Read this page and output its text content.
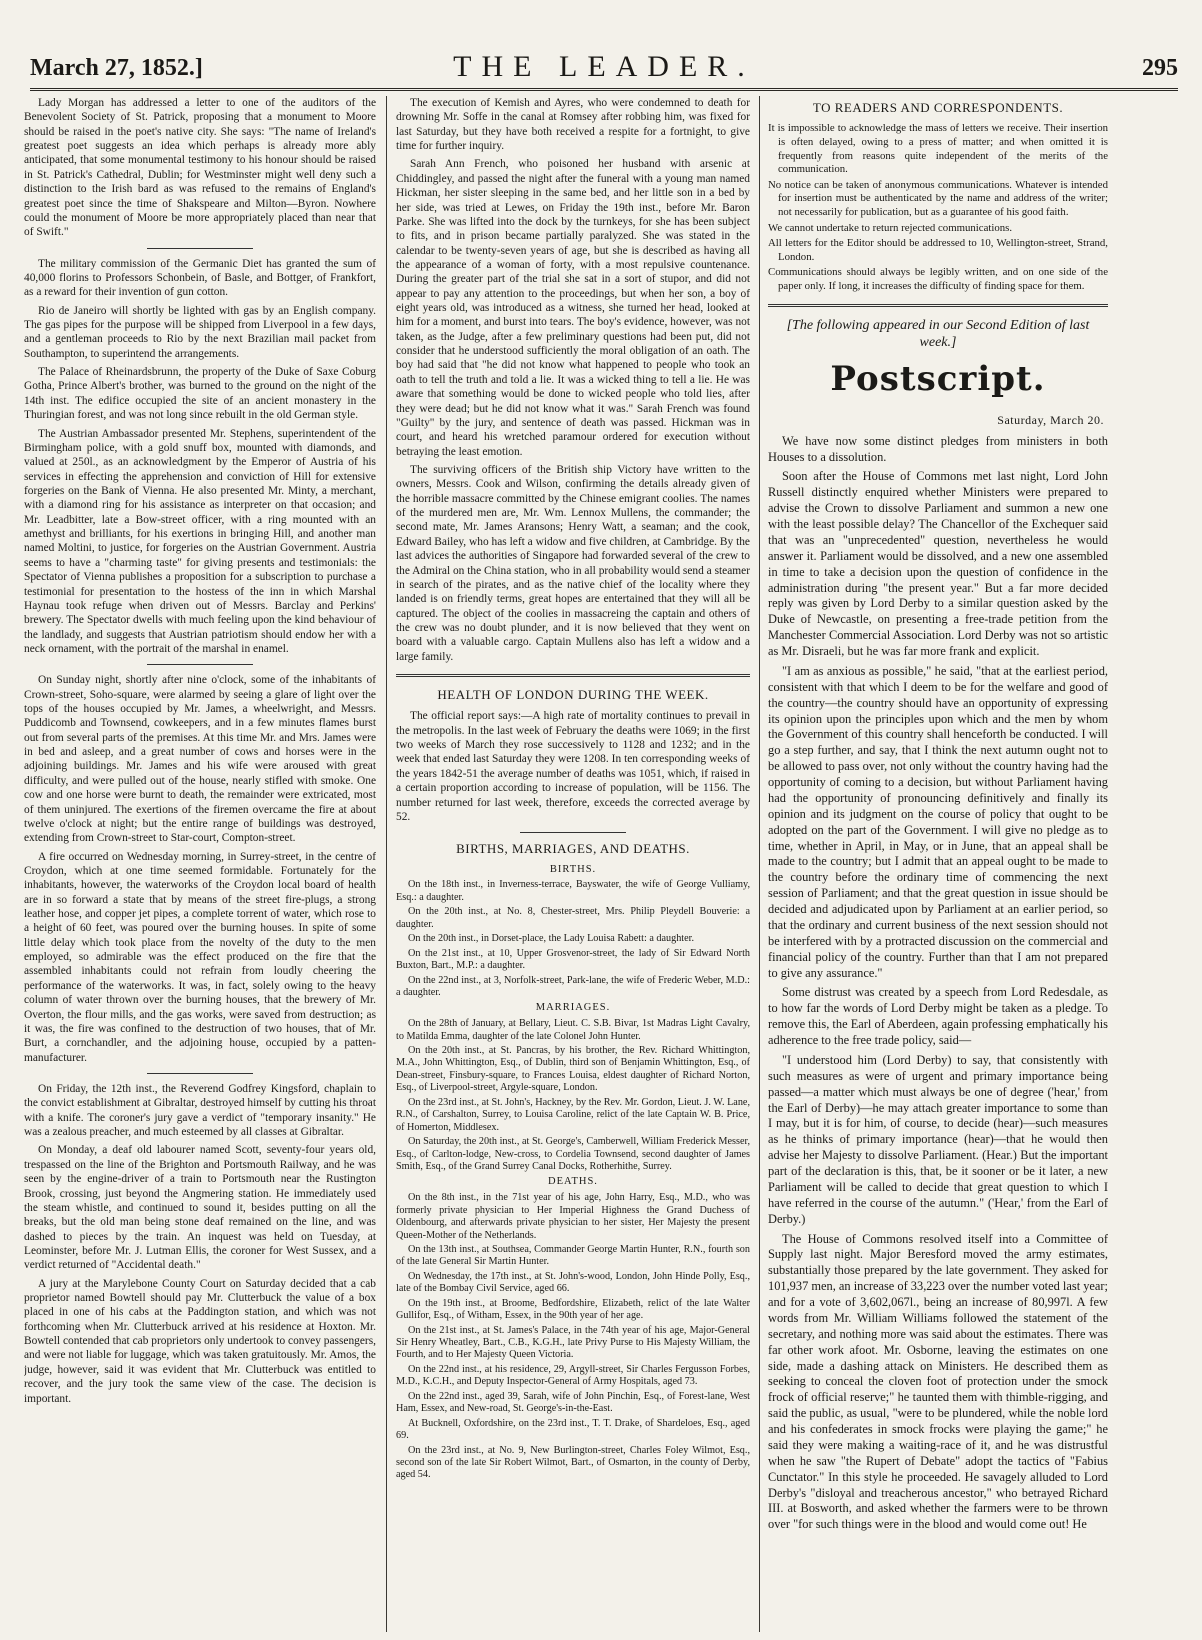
March 27, 1852.]	THE LEADER.	295

Lady Morgan has addressed a letter to one of the auditors of the Benevolent Society of St. Patrick, proposing that a monument to Moore should be raised in the poet's native city. She says: "The name of Ireland's greatest poet suggests an idea which perhaps is already more ably anticipated, that some monumental testimony to his honour should be raised in St. Patrick's Cathedral, Dublin; for Westminster might well deny such a distinction to the Irish bard as was refused to the remains of England's greatest poet since the time of Shakspeare and Milton—Byron. Nowhere could the monument of Moore be more appropriately placed than near that of Swift."

The military commission of the Germanic Diet has granted the sum of 40,000 florins to Professors Schonbein, of Basle, and Bottger, of Frankfort, as a reward for their invention of gun cotton.

Rio de Janeiro will shortly be lighted with gas by an English company. The gas pipes for the purpose will be shipped from Liverpool in a few days, and a gentleman proceeds to Rio by the next Brazilian mail packet from Southampton, to superintend the arrangements.

The Palace of Rheinardsbrunn, the property of the Duke of Saxe Coburg Gotha, Prince Albert's brother, was burned to the ground on the night of the 14th inst. The edifice occupied the site of an ancient monastery in the Thuringian forest, and was not long since rebuilt in the old German style.

The Austrian Ambassador presented Mr. Stephens, superintendent of the Birmingham police, with a gold snuff box, mounted with diamonds, and valued at 250l., as an acknowledgment by the Emperor of Austria of his services in effecting the apprehension and conviction of Hill for extensive forgeries on the Bank of Vienna. He also presented Mr. Minty, a merchant, with a diamond ring for his assistance as interpreter on that occasion; and Mr. Leadbitter, late a Bow-street officer, with a ring mounted with an amethyst and brilliants, for his exertions in bringing Hill, and another man named Moltini, to justice, for forgeries on the Austrian Government. Austria seems to have a "charming taste" for giving presents and testimonials: the Spectator of Vienna publishes a proposition for a subscription to purchase a testimonial for presentation to the hostess of the inn in which Marshal Haynau took refuge when driven out of Messrs. Barclay and Perkins' brewery. The Spectator dwells with much feeling upon the kind behaviour of the landlady, and suggests that Austrian patriotism should endow her with a neck ornament, with the portrait of the marshal in enamel.

On Sunday night, shortly after nine o'clock, some of the inhabitants of Crown-street, Soho-square, were alarmed by seeing a glare of light over the tops of the houses occupied by Mr. James, a wheelwright, and Messrs. Puddicomb and Townsend, cowkeepers, and in a few minutes flames burst out from several parts of the premises. At this time Mr. and Mrs. James were in bed and asleep, and a great number of cows and horses were in the adjoining buildings. Mr. James and his wife were aroused with great difficulty, and were pulled out of the house, nearly stifled with smoke. One cow and one horse were burnt to death, the remainder were extricated, most of them uninjured. The exertions of the firemen overcame the fire at about twelve o'clock at night; but the entire range of buildings was destroyed, extending from Crown-street to Star-court, Compton-street.

A fire occurred on Wednesday morning, in Surrey-street, in the centre of Croydon, which at one time seemed formidable. Fortunately for the inhabitants, however, the waterworks of the Croydon local board of health are in so forward a state that by means of the street fire-plugs, a strong leather hose, and copper jet pipes, a complete torrent of water, which rose to a height of 60 feet, was poured over the burning houses. In spite of some little delay which took place from the novelty of the duty to the men employed, so admirable was the effect produced on the fire that the assembled inhabitants could not refrain from loudly cheering the performance of the waterworks. It was, in fact, solely owing to the heavy column of water thrown over the burning houses, that the brewery of Mr. Overton, the flour mills, and the gas works, were saved from destruction; as it was, the fire was confined to the destruction of two houses, that of Mr. Burt, a cornchandler, and the adjoining house, occupied by a patten-manufacturer.

On Friday, the 12th inst., the Reverend Godfrey Kingsford, chaplain to the convict establishment at Gibraltar, destroyed himself by cutting his throat with a knife. The coroner's jury gave a verdict of "temporary insanity." He was a zealous preacher, and much esteemed by all classes at Gibraltar.

On Monday, a deaf old labourer named Scott, seventy-four years old, trespassed on the line of the Brighton and Portsmouth Railway, and he was seen by the engine-driver of a train to Portsmouth near the Rustington Brook, crossing, just beyond the Angmering station. He immediately used the steam whistle, and continued to sound it, besides putting on all the breaks, but the old man being stone deaf remained on the line, and was dashed to pieces by the train. An inquest was held on Tuesday, at Leominster, before Mr. J. Lutman Ellis, the coroner for West Sussex, and a verdict returned of "Accidental death."

A jury at the Marylebone County Court on Saturday decided that a cab proprietor named Bowtell should pay Mr. Clutterbuck the value of a box placed in one of his cabs at the Paddington station, and which was not forthcoming when Mr. Clutterbuck arrived at his residence at Hoxton. Mr. Bowtell contended that cab proprietors only undertook to convey passengers, and were not liable for luggage, which was taken gratuitously. Mr. Amos, the judge, however, said it was evident that Mr. Clutterbuck was entitled to recover, and the jury took the same view of the case. The decision is important.

The execution of Kemish and Ayres, who were condemned to death for drowning Mr. Soffe in the canal at Romsey after robbing him, was fixed for last Saturday, but they have both received a respite for a fortnight, to give time for further inquiry.

Sarah Ann French, who poisoned her husband with arsenic at Chiddingley, and passed the night after the funeral with a young man named Hickman, her sister sleeping in the same bed, and her little son in a bed by her side, was tried at Lewes, on Friday the 19th inst., before Mr. Baron Parke. She was lifted into the dock by the turnkeys, for she has been subject to fits, and in prison became partially paralyzed. She was stated in the calendar to be twenty-seven years of age, but she is described as having all the appearance of a woman of forty, with a most repulsive countenance. During the greater part of the trial she sat in a sort of stupor, and did not appear to pay any attention to the proceedings, but when her son, a boy of eight years old, was introduced as a witness, she turned her head, looked at him for a moment, and burst into tears. The boy's evidence, however, was not taken, as the Judge, after a few preliminary questions had been put, did not consider that he understood sufficiently the moral obligation of an oath. The boy had said that "he did not know what happened to people who took an oath to tell the truth and told a lie. It was a wicked thing to tell a lie. He was aware that something would be done to wicked people who told lies, after they were dead; but he did not know what it was." Sarah French was found "Guilty" by the jury, and sentence of death was passed. Hickman was in court, and heard his wretched paramour ordered for execution without betraying the least emotion.

The surviving officers of the British ship Victory have written to the owners, Messrs. Cook and Wilson, confirming the details already given of the horrible massacre committed by the Chinese emigrant coolies. The names of the murdered men are, Mr. Wm. Lennox Mullens, the commander; the second mate, Mr. James Aransons; Henry Watt, a seaman; and the cook, Edward Bailey, who has left a widow and five children, at Cambridge. By the last advices the authorities of Singapore had forwarded several of the crew to the Admiral on the China station, who in all probability would send a steamer in search of the pirates, and as the native chief of the locality where they landed is on friendly terms, great hopes are entertained that they will all be captured. The object of the coolies in massacreing the captain and others of the crew was no doubt plunder, and it is now believed that they went on board with a valuable cargo. Captain Mullens also has left a widow and a large family.

HEALTH OF LONDON DURING THE WEEK.

The official report says:—A high rate of mortality continues to prevail in the metropolis. In the last week of February the deaths were 1069; in the first two weeks of March they rose successively to 1128 and 1232; and in the week that ended last Saturday they were 1208. In ten corresponding weeks of the years 1842-51 the average number of deaths was 1051, which, if raised in a certain proportion according to increase of population, will be 1156. The number returned for last week, therefore, exceeds the corrected average by 52.

BIRTHS, MARRIAGES, AND DEATHS.
BIRTHS.

On the 18th inst., in Inverness-terrace, Bayswater, the wife of George Vulliamy, Esq.: a daughter.

On the 20th inst., at No. 8, Chester-street, Mrs. Philip Pleydell Bouverie: a daughter.

On the 20th inst., in Dorset-place, the Lady Louisa Rabett: a daughter.

On the 21st inst., at 10, Upper Grosvenor-street, the lady of Sir Edward North Buxton, Bart., M.P.: a daughter.

On the 22nd inst., at 3, Norfolk-street, Park-lane, the wife of Frederic Weber, M.D.: a daughter.

MARRIAGES.

On the 28th of January, at Bellary, Lieut. C. S.B. Bivar, 1st Madras Light Cavalry, to Matilda Emma, daughter of the late Colonel John Hunter.

On the 20th inst., at St. Pancras, by his brother, the Rev. Richard Whittington, M.A., John Whittington, Esq., of Dublin, third son of Benjamin Whittington, Esq., of Dean-street, Finsbury-square, to Frances Louisa, eldest daughter of Richard Norton, Esq., of Liverpool-street, Argyle-square, London.

On the 23rd inst., at St. John's, Hackney, by the Rev. Mr. Gordon, Lieut. J. W. Lane, R.N., of Carshalton, Surrey, to Louisa Caroline, relict of the late Captain W. B. Price, of Homerton, Middlesex.

On Saturday, the 20th inst., at St. George's, Camberwell, William Frederick Messer, Esq., of Carlton-lodge, New-cross, to Cordelia Townsend, second daughter of James Smith, Esq., of the Grand Surrey Canal Docks, Rotherhithe, Surrey.

DEATHS.

On the 8th inst., in the 71st year of his age, John Harry, Esq., M.D., who was formerly private physician to Her Imperial Highness the Grand Duchess of Oldenbourg, and afterwards private physician to her sister, Her Majesty the present Queen-Mother of the Netherlands.

On the 13th inst., at Southsea, Commander George Martin Hunter, R.N., fourth son of the late General Sir Martin Hunter.

On Wednesday, the 17th inst., at St. John's-wood, London, John Hinde Polly, Esq., late of the Bombay Civil Service, aged 66.

On the 19th inst., at Broome, Bedfordshire, Elizabeth, relict of the late Walter Gullifor, Esq., of Witham, Essex, in the 90th year of her age.

On the 21st inst., at St. James's Palace, in the 74th year of his age, Major-General Sir Henry Wheatley, Bart., C.B., K.G.H., late Privy Purse to His Majesty William, the Fourth, and to Her Majesty Queen Victoria.

On the 22nd inst., at his residence, 29, Argyll-street, Sir Charles Fergusson Forbes, M.D., K.C.H., and Deputy Inspector-General of Army Hospitals, aged 73.

On the 22nd inst., aged 39, Sarah, wife of John Pinchin, Esq., of Forest-lane, West Ham, Essex, and New-road, St. George's-in-the-East.

At Bucknell, Oxfordshire, on the 23rd inst., T. T. Drake, of Shardeloes, Esq., aged 69.

On the 23rd inst., at No. 9, New Burlington-street, Charles Foley Wilmot, Esq., second son of the late Sir Robert Wilmot, Bart., of Osmarton, in the county of Derby, aged 54.

TO READERS AND CORRESPONDENTS.

It is impossible to acknowledge the mass of letters we receive. Their insertion is often delayed, owing to a press of matter; and when omitted it is frequently from reasons quite independent of the merits of the communication.

No notice can be taken of anonymous communications. Whatever is intended for insertion must be authenticated by the name and address of the writer; not necessarily for publication, but as a guarantee of his good faith.

We cannot undertake to return rejected communications.

All letters for the Editor should be addressed to 10, Wellington-street, Strand, London.

Communications should always be legibly written, and on one side of the paper only. If long, it increases the difficulty of finding space for them.

[The following appeared in our Second Edition of last week.]
Postscript.
Saturday, March 20.

We have now some distinct pledges from ministers in both Houses to a dissolution.

Soon after the House of Commons met last night, Lord John Russell distinctly enquired whether Ministers were prepared to advise the Crown to dissolve Parliament and summon a new one with the least possible delay? The Chancellor of the Exchequer said that was an "unprecedented" question, nevertheless he would answer it. Parliament would be dissolved, and a new one assembled in time to take a decision upon the question of confidence in the administration during "the present year." But a far more decided reply was given by Lord Derby to a similar question asked by the Duke of Newcastle, on presenting a free-trade petition from the Manchester Commercial Association. Lord Derby was not so artistic as Mr. Disraeli, but he was far more frank and explicit.

"I am as anxious as possible," he said, "that at the earliest period, consistent with that which I deem to be for the welfare and good of the country—the country should have an opportunity of expressing its opinion upon the principles upon which and the men by whom the Government of this country shall henceforth be conducted. I will go a step further, and say, that I think the next autumn ought not to be allowed to pass over, not only without the country having had the opportunity of coming to a decision, but without Parliament having had the opportunity of pronouncing definitively and finally its opinion and its judgment on the course of policy that ought to be adopted on the part of the Government. I will give no pledge as to time, whether in April, in May, or in June, that an appeal shall be made to the country; but I admit that an appeal ought to be made to the country before the ordinary time of commencing the next session of Parliament; and that the great question in issue should be decided and adjudicated upon by Parliament at an earlier period, so that the ordinary and current business of the next session should not be interfered with by a protracted discussion on the commercial and financial policy of the country. Further than that I am not prepared to give any assurance."

Some distrust was created by a speech from Lord Redesdale, as to how far the words of Lord Derby might be taken as a pledge. To remove this, the Earl of Aberdeen, again professing emphatically his adherence to the free trade policy, said—

"I understood him (Lord Derby) to say, that consistently with such measures as were of urgent and primary importance being passed—a matter which must always be one of degree ('hear,' from the Earl of Derby)—he may attach greater importance to some than I may, but it is for him, of course, to decide (hear)—such measures as he thinks of primary importance (hear)—that he would then advise her Majesty to dissolve Parliament. (Hear.) But the important part of the declaration is this, that, be it sooner or be it later, a new Parliament will be called to decide that great question to which I have referred in the course of the autumn." ('Hear,' from the Earl of Derby.)

The House of Commons resolved itself into a Committee of Supply last night. Major Beresford moved the army estimates, substantially those prepared by the late government. They asked for 101,937 men, an increase of 33,223 over the number voted last year; and for a vote of 3,602,067l., being an increase of 80,997l. A few words from Mr. William Williams followed the statement of the secretary, and nothing more was said about the estimates. There was far other work afoot. Mr. Osborne, leaving the estimates on one side, made a dashing attack on Ministers. He described them as seeking to conceal the cloven foot of protection under the smock frock of official reserve;" he taunted them with thimble-rigging, and said the public, as usual, "were to be plundered, while the noble lord and his confederates in smock frocks were playing the game;" he said they were making a waiting-race of it, and he was distrustful when he saw "the Rupert of Debate" adopt the tactics of "Fabius Cunctator." In this style he proceeded. He savagely alluded to Lord Derby's "disloyal and treacherous ancestor," who betrayed Richard III. at Bosworth, and asked whether the farmers were to be thrown over "for such things were in the blood and would come out! He
